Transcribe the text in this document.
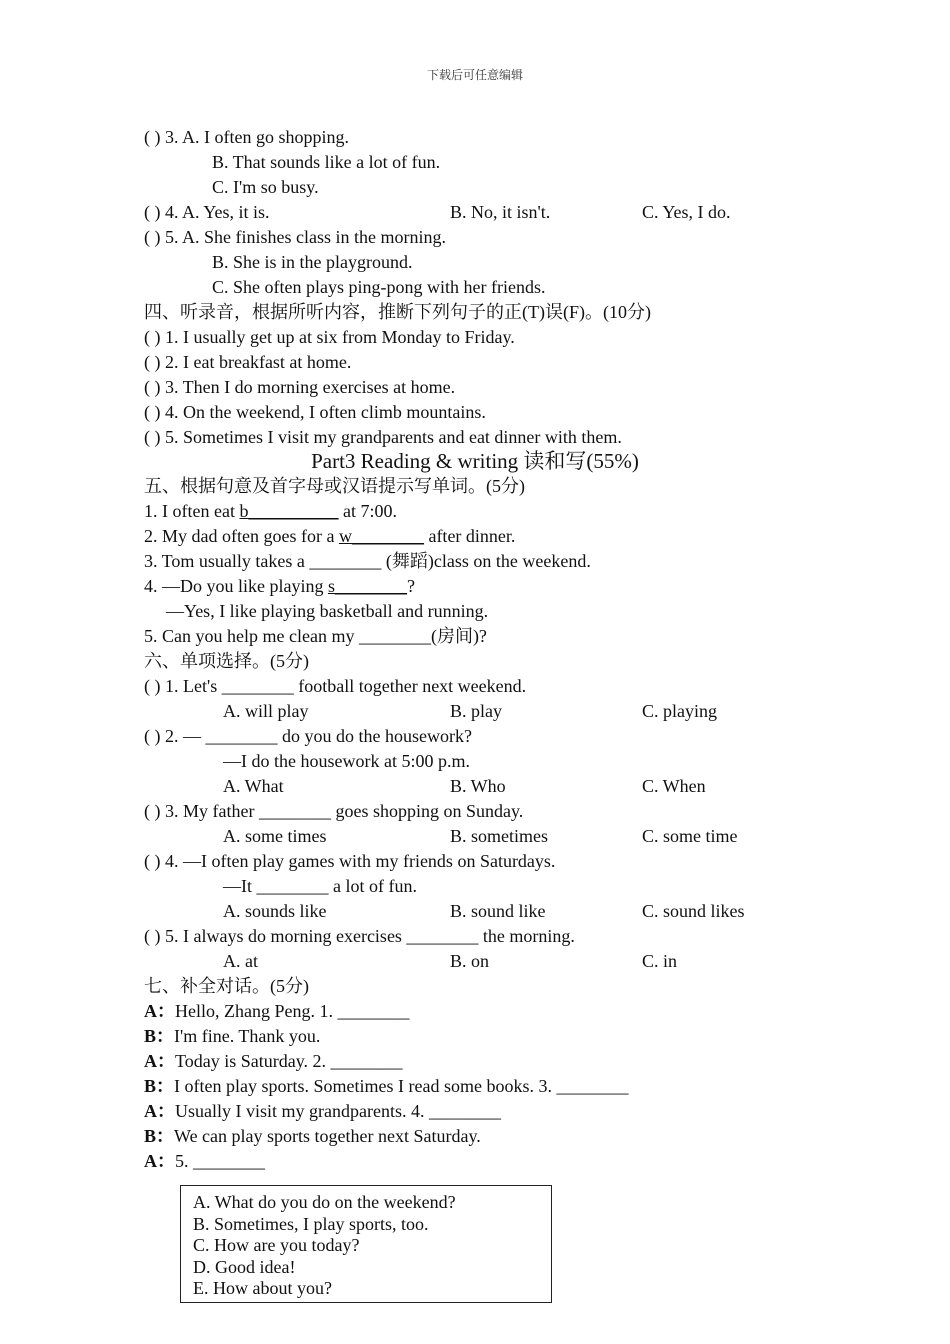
下载后可任意编辑
( ) 3. A. I often go shopping.
B. That sounds like a lot of fun.
C. I'm so busy.
( ) 4. A. Yes, it is.	B. No, it isn't.	C. Yes, I do.
( ) 5. A. She finishes class in the morning.
B. She is in the playground.
C. She often plays ping-pong with her friends.
四、听录音，根据所听内容，推断下列句子的正(T)误(F)。(10分)
( ) 1. I usually get up at six from Monday to Friday.
( ) 2. I eat breakfast at home.
( ) 3. Then I do morning exercises at home.
( ) 4. On the weekend, I often climb mountains.
( ) 5. Sometimes I visit my grandparents and eat dinner with them.
Part3 Reading & writing 读和写(55%)
五、根据句意及首字母或汉语提示写单词。(5分)
1. I often eat b__________ at 7:00.
2. My dad often goes for a w________ after dinner.
3. Tom usually takes a ________ (舞蹈)class on the weekend.
4. —Do you like playing s________?
—Yes, I like playing basketball and running.
5. Can you help me clean my ________(房间)?
六、单项选择。(5分)
( ) 1. Let's ________ football together next weekend.
A. will play	B. play	C. playing
( ) 2. — ________ do you do the housework?
—I do the housework at 5:00 p.m.
A. What	B. Who	C. When
( ) 3. My father ________ goes shopping on Sunday.
A. some times	B. sometimes	C. some time
( ) 4. —I often play games with my friends on Saturdays.
—It ________ a lot of fun.
A. sounds like	B. sound like	C. sound likes
( ) 5. I always do morning exercises ________ the morning.
A. at	B. on	C. in
七、补全对话。(5分)
A：Hello, Zhang Peng. 1. ________
B：I'm fine. Thank you.
A：Today is Saturday. 2. ________
B：I often play sports. Sometimes I read some books. 3. ________
A：Usually I visit my grandparents. 4. ________
B：We can play sports together next Saturday.
A：5. ________
A. What do you do on the weekend?
B. Sometimes, I play sports, too.
C. How are you today?
D. Good idea!
E. How about you?
